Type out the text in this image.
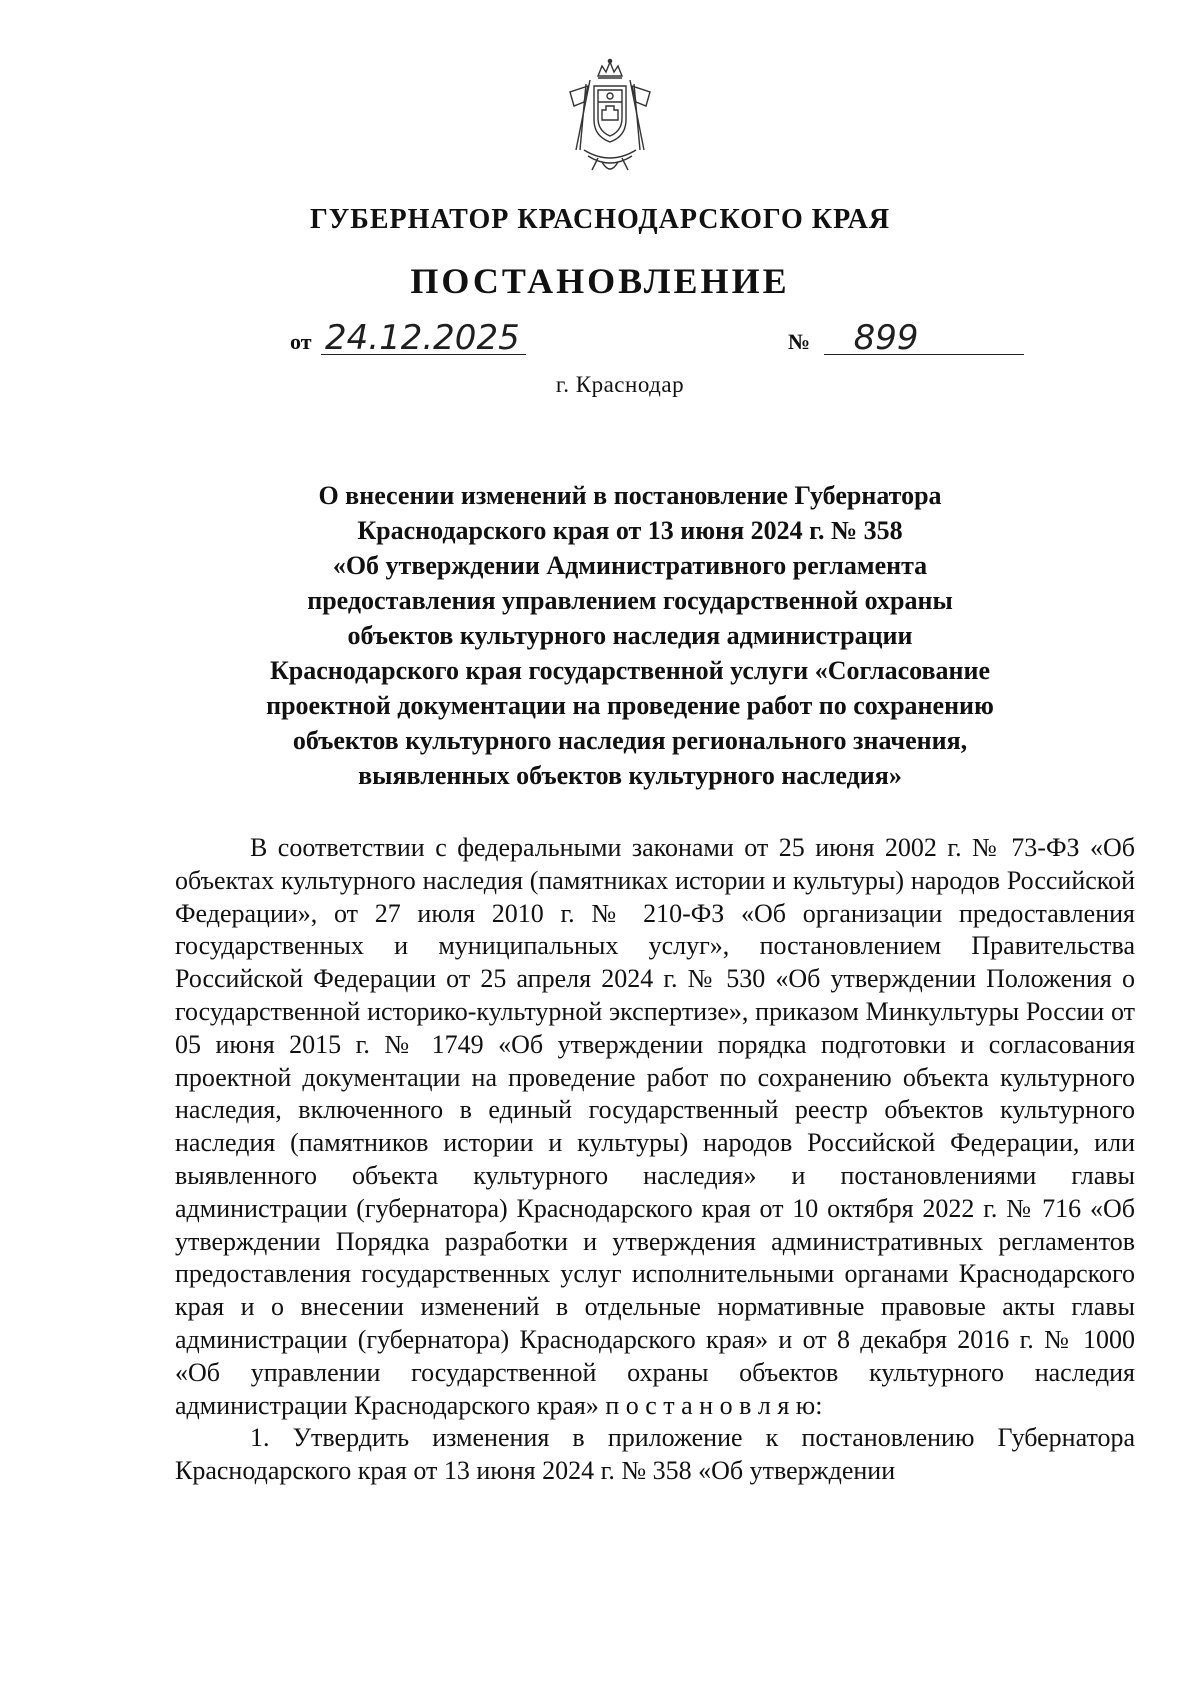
ГУБЕРНАТОР КРАСНОДАРСКОГО КРАЯ
ПОСТАНОВЛЕНИЕ
от 24.12.2025	№ 899
г. Краснодар
О внесении изменений в постановление Губернатора
Краснодарского края от 13 июня 2024 г. № 358
«Об утверждении Административного регламента
предоставления управлением государственной охраны
объектов культурного наследия администрации
Краснодарского края государственной услуги «Согласование
проектной документации на проведение работ по сохранению
объектов культурного наследия регионального значения,
выявленных объектов культурного наследия»

В соответствии с федеральными законами от 25 июня 2002 г. № 73-ФЗ «Об объектах культурного наследия (памятниках истории и культуры) народов Российской Федерации», от 27 июля 2010 г. № 210-ФЗ «Об организации предоставления государственных и муниципальных услуг», постановлением Правительства Российской Федерации от 25 апреля 2024 г. № 530 «Об утверждении Положения о государственной историко-культурной экспертизе», приказом Минкультуры России от 05 июня 2015 г. № 1749 «Об утверждении порядка подготовки и согласования проектной документации на проведение работ по сохранению объекта культурного наследия, включенного в единый государственный реестр объектов культурного наследия (памятников истории и культуры) народов Российской Федерации, или выявленного объекта культурного наследия» и постановлениями главы администрации (губернатора) Краснодарского края от 10 октября 2022 г. № 716 «Об утверждении Порядка разработки и утверждения административных регламентов предоставления государственных услуг исполнительными органами Краснодарского края и о внесении изменений в отдельные нормативные правовые акты главы администрации (губернатора) Краснодарского края» и от 8 декабря 2016 г. № 1000 «Об управлении государственной охраны объектов культурного наследия администрации Краснодарского края» п о с т а н о в л я ю:

1. Утвердить изменения в приложение к постановлению Губернатора Краснодарского края от 13 июня 2024 г. № 358 «Об утверждении
